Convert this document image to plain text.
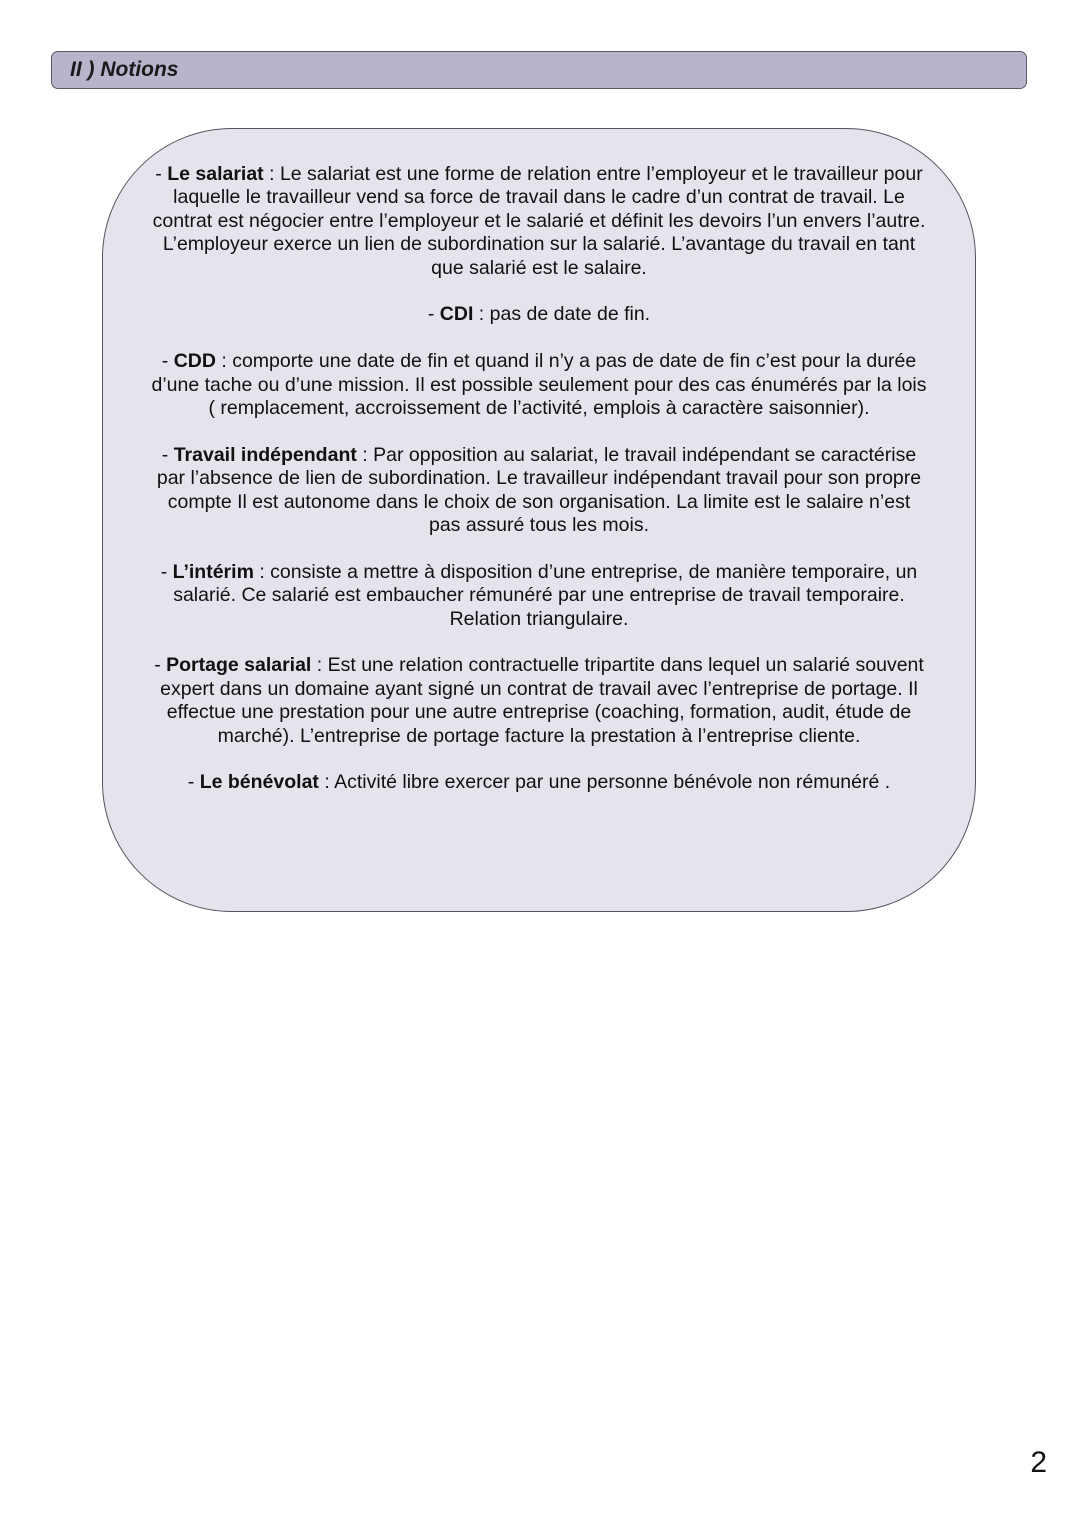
II ) Notions

- Le salariat : Le salariat est une forme de relation entre l’employeur et le travailleur pour laquelle le travailleur vend sa force de travail dans le cadre d’un contrat de travail. Le contrat est négocier entre l’employeur et le salarié et définit les devoirs l’un envers l’autre. L’employeur exerce un lien de subordination sur la salarié. L’avantage du travail en tant que salarié est le salaire.

- CDI : pas de date de fin.

- CDD : comporte une date de fin et quand il n’y a pas de date de fin c’est pour la durée d’une tache ou d’une mission. Il est possible seulement pour des cas énumérés par la lois ( remplacement, accroissement de l’activité, emplois à caractère saisonnier).

- Travail indépendant : Par opposition au salariat, le travail indépendant se caractérise par l’absence de lien de subordination. Le travailleur indépendant travail pour son propre compte Il est autonome dans le choix de son organisation. La limite est le salaire n’est pas assuré tous les mois.

- L’intérim : consiste a mettre à disposition d’une entreprise, de manière temporaire, un salarié. Ce salarié est embaucher rémunéré par une entreprise de travail temporaire. Relation triangulaire.

- Portage salarial : Est une relation contractuelle tripartite dans lequel un salarié souvent expert dans un domaine ayant signé un contrat de travail avec l’entreprise de portage. Il effectue une prestation pour une autre entreprise (coaching, formation, audit, étude de marché). L’entreprise de portage facture la prestation à l’entreprise cliente.

- Le bénévolat : Activité libre exercer par une personne bénévole non rémunéré .

2
